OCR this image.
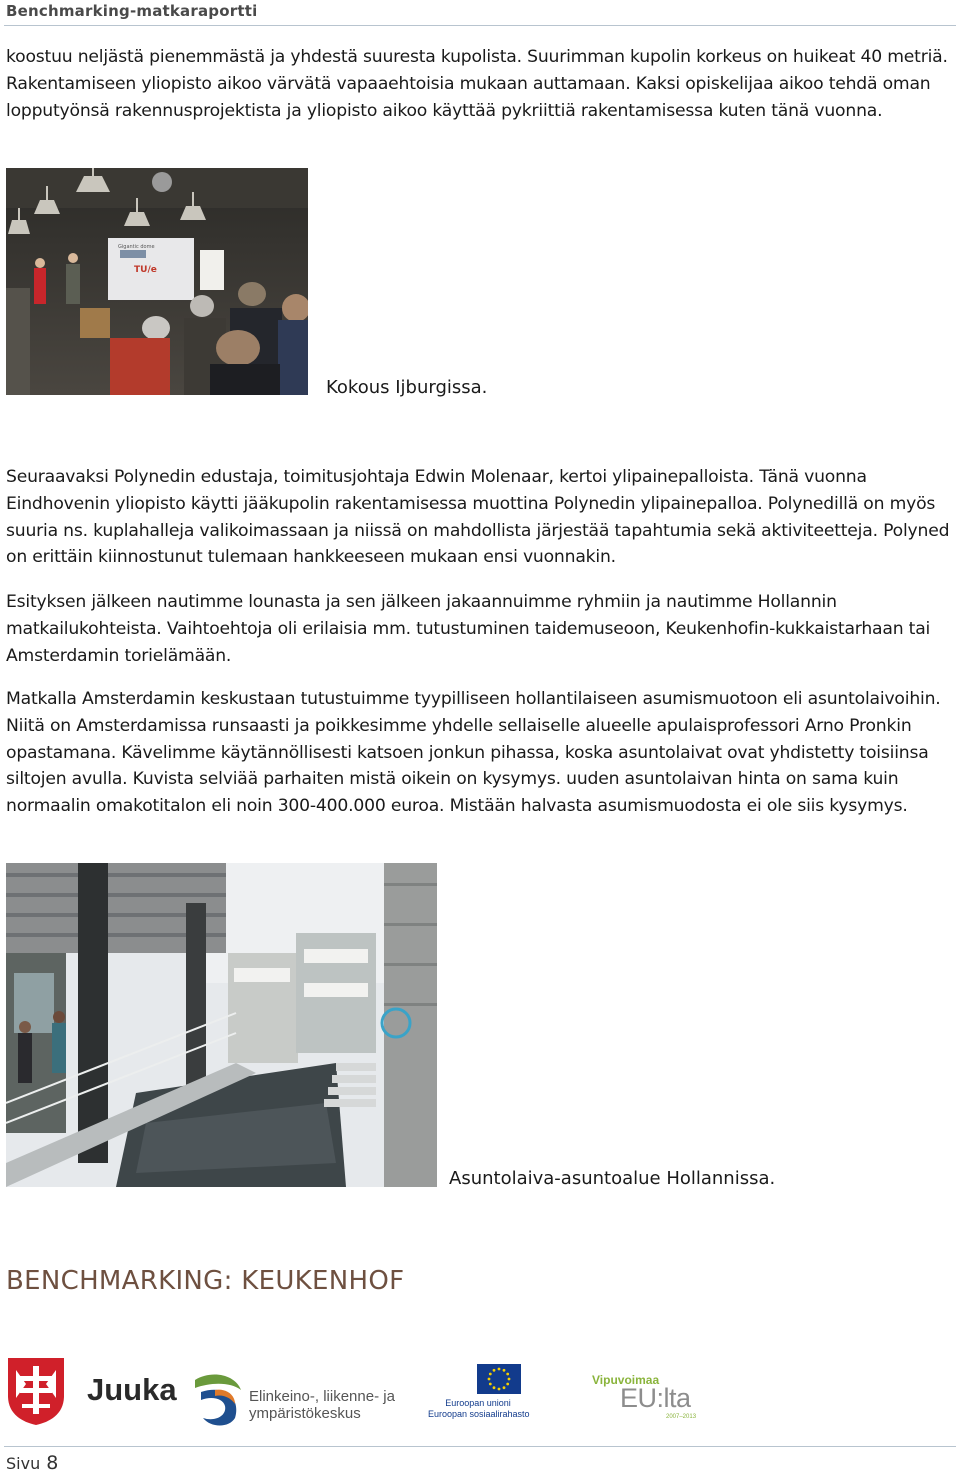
Benchmarking-matkaraportti

koostuu neljästä pienemmästä ja yhdestä suuresta kupolista. Suurimman kupolin korkeus on huikeat 40 metriä. Rakentamiseen yliopisto aikoo värvätä vapaaehtoisia mukaan auttamaan. Kaksi opiskelijaa aikoo tehdä oman lopputyönsä rakennusprojektista ja yliopisto aikoo käyttää pykriittiä rakentamisessa kuten tänä vuonna.

TU/e
Gigantic dome
Kokous Ijburgissa.

Seuraavaksi Polynedin edustaja, toimitusjohtaja Edwin Molenaar, kertoi ylipainepalloista. Tänä vuonna Eindhovenin yliopisto käytti jääkupolin rakentamisessa muottina Polynedin ylipainepalloa. Polynedillä on myös suuria ns. kuplahalleja valikoimassaan ja niissä on mahdollista järjestää tapahtumia sekä aktiviteetteja. Polyned on erittäin kiinnostunut tulemaan hankkeeseen mukaan ensi vuonnakin.

Esityksen jälkeen nautimme lounasta ja sen jälkeen jakaannuimme ryhmiin ja nautimme Hollannin matkailukohteista. Vaihtoehtoja oli erilaisia mm. tutustuminen taidemuseoon, Keukenhofin-kukkaistarhaan tai Amsterdamin torielämään.

Matkalla Amsterdamin keskustaan tutustuimme tyypilliseen hollantilaiseen asumismuotoon eli asuntolaivoihin. Niitä on Amsterdamissa runsaasti ja poikkesimme yhdelle sellaiselle alueelle apulaisprofessori Arno Pronkin opastamana. Kävelimme käytännöllisesti katsoen jonkun pihassa, koska asuntolaivat ovat yhdistetty toisiinsa siltojen avulla. Kuvista selviää parhaiten mistä oikein on kysymys. uuden asuntolaivan hinta on sama kuin normaalin omakotitalon eli noin 300-400.000 euroa. Mistään halvasta asumismuodosta ei ole siis kysymys.

Asuntolaiva-asuntoalue Hollannissa.
BENCHMARKING: KEUKENHOF
Juuka	Elinkeino-, liikenne- ja
ympäristökeskus
Euroopan unioni
Euroopan sosiaalirahasto
Vipuvoimaa
EU:lta
2007–2013
Sivu 8
